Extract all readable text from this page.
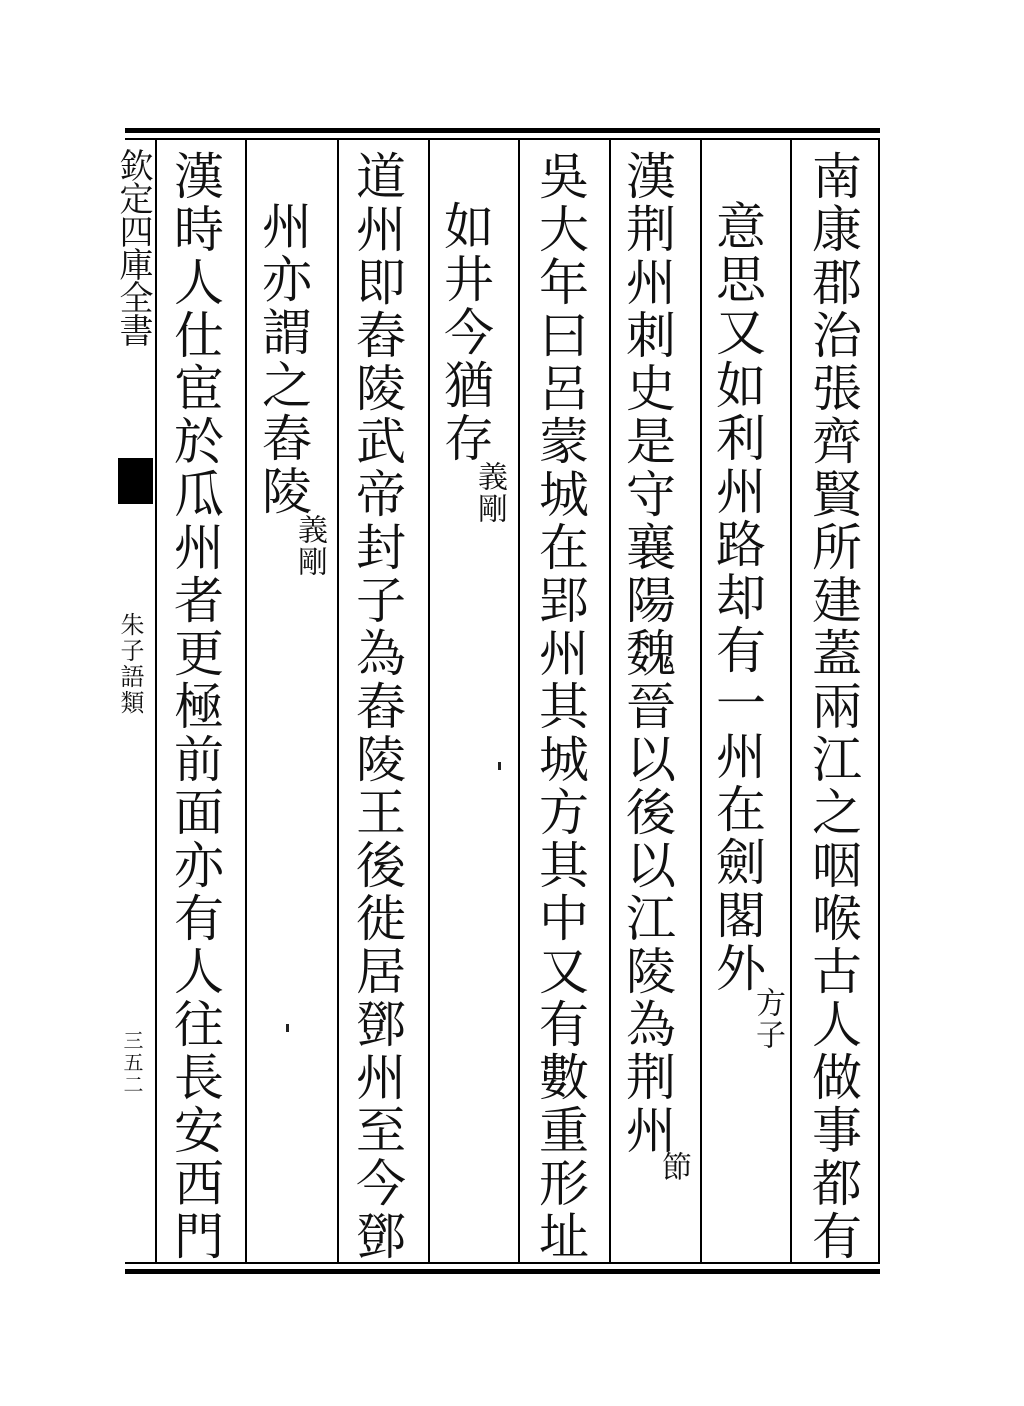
南康郡治張齊賢所建蓋兩江之咽喉古人做事都有
意思又如利州路却有一州在劍閣外
方子
漢荆州刺史是守襄陽魏晉以後以江陵為荆州
節
吳大年曰呂蒙城在郢州其城方其中又有數重形址
如井今猶存
義剛
道州即舂陵武帝封子為舂陵王後徙居鄧州至今鄧
州亦謂之舂陵
義剛
漢時人仕宦於瓜州者更極前面亦有人往長安西門
欽定四庫全書
朱子語類
三五二
